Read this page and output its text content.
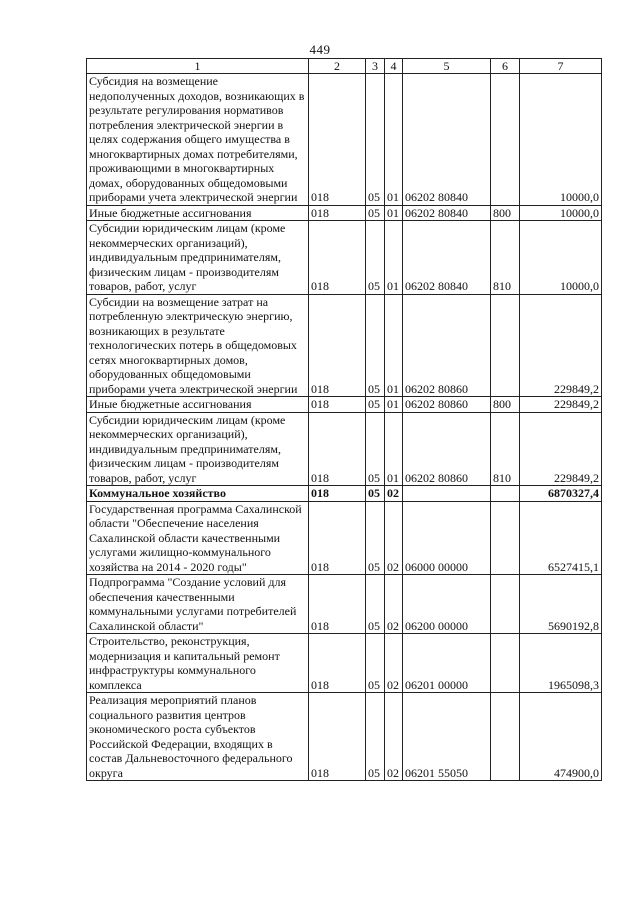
449
1	2	3	4	5	6	7
Субсидия на возмещение недополученных доходов, возникающих в результате регулирования нормативов потребления электрической энергии в целях содержания общего имущества в многоквартирных домах потребителями, проживающими в многоквартирных домах, оборудованных общедомовыми приборами учета электрической энергии	018	05	01	06202 80840		10000,0
Иные бюджетные ассигнования	018	05	01	06202 80840	800	10000,0
Субсидии юридическим лицам (кроме некоммерческих организаций), индивидуальным предпринимателям, физическим лицам - производителям товаров, работ, услуг	018	05	01	06202 80840	810	10000,0
Субсидии на возмещение затрат на потребленную электрическую энергию, возникающих в результате технологических потерь в общедомовых сетях многоквартирных домов, оборудованных общедомовыми приборами учета электрической энергии	018	05	01	06202 80860		229849,2
Иные бюджетные ассигнования	018	05	01	06202 80860	800	229849,2
Субсидии юридическим лицам (кроме некоммерческих организаций), индивидуальным предпринимателям, физическим лицам - производителям товаров, работ, услуг	018	05	01	06202 80860	810	229849,2
Коммунальное хозяйство	018	05	02			6870327,4
Государственная программа Сахалинской области "Обеспечение населения Сахалинской области качественными услугами жилищно-коммунального хозяйства на 2014 - 2020 годы"	018	05	02	06000 00000		6527415,1
Подпрограмма "Создание условий для обеспечения качественными коммунальными услугами потребителей Сахалинской области"	018	05	02	06200 00000		5690192,8
Строительство, реконструкция, модернизация и капитальный ремонт инфраструктуры коммунального комплекса	018	05	02	06201 00000		1965098,3
Реализация мероприятий планов социального развития центров экономического роста субъектов Российской Федерации, входящих в состав Дальневосточного федерального округа	018	05	02	06201 55050		474900,0
